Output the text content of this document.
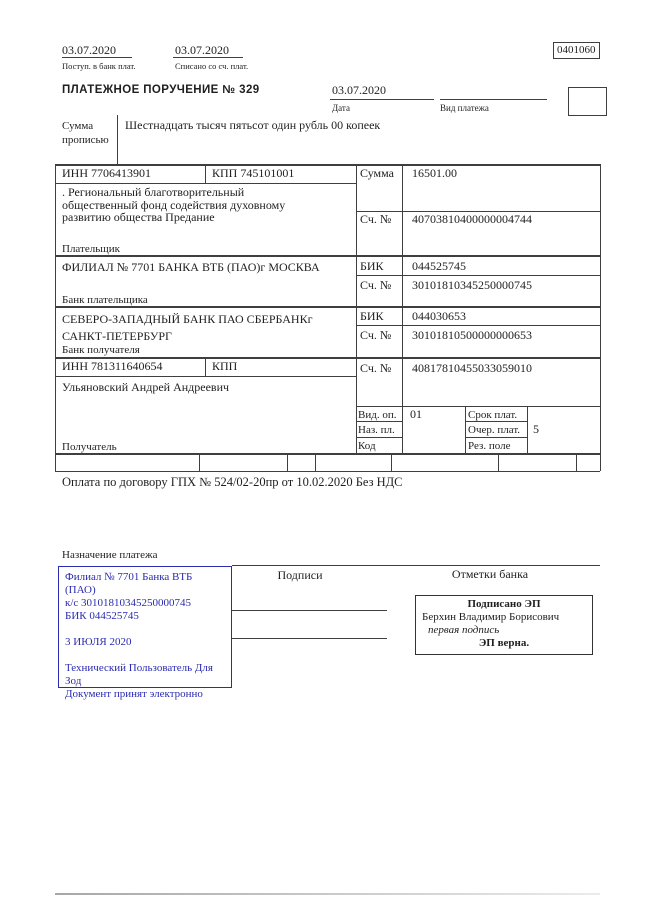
03.07.2020
Поступ. в банк плат.
03.07.2020
Списано со сч. плат.
0401060
ПЛАТЕЖНОЕ ПОРУЧЕНИЕ № 329	03.07.2020
Дата	Вид платежа
Сумма прописью
Шестнадцать тысяч пятьсот один рубль 00 копеек
ИНН 7706413901	КПП 745101001	Сумма 16501.00
. Региональный благотворительный общественный фонд содействия духовному развитию общества Предание
Плательщик
Сч. № 40703810400000004744
ФИЛИАЛ № 7701 БАНКА ВТБ (ПАО)г МОСКВА
Банк плательщика
БИК 044525745
Сч. № 30101810345250000745
СЕВЕРО-ЗАПАДНЫЙ БАНК ПАО СБЕРБАНКг САНКТ-ПЕТЕРБУРГ
Банк получателя
БИК 044030653
Сч. № 30101810500000000653
ИНН 781311640654	КПП	Сч. № 40817810455033059010
Ульяновский Андрей Андреевич
Получатель
Вид. оп. 01	Срок плат.
Наз. пл.	Очер. плат. 5
Код	Рез. поле
Оплата по договору ГПХ № 524/02-20пр от 10.02.2020 Без НДС
Назначение платежа
Подписи	Отметки банка
Филиал № 7701 Банка ВТБ (ПАО)
к/с 30101810345250000745
БИК 044525745
3 ИЮЛЯ 2020
Технический Пользователь Для Зод
Документ принят электронно
Подписано ЭП
Берхин Владимир Борисович
первая подпись
ЭП верна.
